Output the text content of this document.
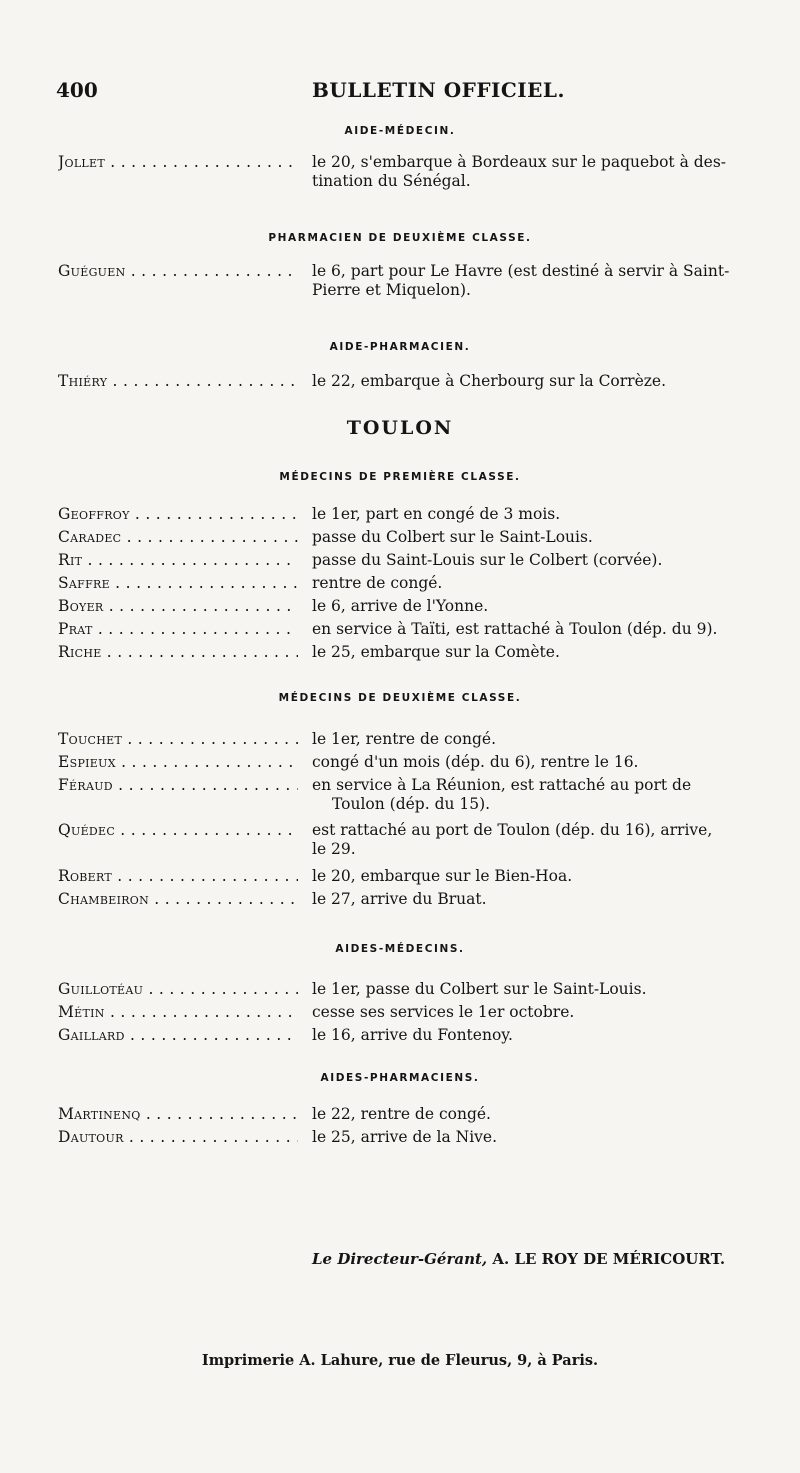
400	BULLETIN OFFICIEL.
AIDE-MÉDECIN.
Jollet . . .	le 20, s'embarque à Bordeaux sur le paquebot à des-
tination du Sénégal.
PHARMACIEN DE DEUXIÈME CLASSE.
Guéguen . . .	le 6, part pour Le Havre (est destiné à servir à Saint-
Pierre et Miquelon).
AIDE-PHARMACIEN.
Thiéry . . .	le 22, embarque à Cherbourg sur la Corrèze.
TOULON
MÉDECINS DE PREMIÈRE CLASSE.
Geoffroy . . .	le 1er, part en congé de 3 mois.
Caradec . . .	passe du Colbert sur le Saint-Louis.
Rit . . .	passe du Saint-Louis sur le Colbert (corvée).
Saffre . . .	rentre de congé.
Boyer . . .	le 6, arrive de l'Yonne.
Prat . . .	en service à Taïti, est rattaché à Toulon (dép. du 9).
Riche . . .	le 25, embarque sur la Comète.
MÉDECINS DE DEUXIÈME CLASSE.
Touchet . . .	le 1er, rentre de congé.
Espieux . . .	congé d'un mois (dép. du 6), rentre le 16.
Féraud . . .	en service à La Réunion, est rattaché au port de
Toulon (dép. du 15).
Quédec . . .	est rattaché au port de Toulon (dép. du 16), arrive,
le 29.
Robert . . .	le 20, embarque sur le Bien-Hoa.
Chambeiron . . .	le 27, arrive du Bruat.
AIDES-MÉDECINS.
Guillotéau . . .	le 1er, passe du Colbert sur le Saint-Louis.
Métin . . .	cesse ses services le 1er octobre.
Gaillard . . .	le 16, arrive du Fontenoy.
AIDES-PHARMACIENS.
Martinenq . . .	le 22, rentre de congé.
Dautour . . .	le 25, arrive de la Nive.
Le Directeur-Gérant, A. LE ROY DE MÉRICOURT.
Imprimerie A. Lahure, rue de Fleurus, 9, à Paris.
